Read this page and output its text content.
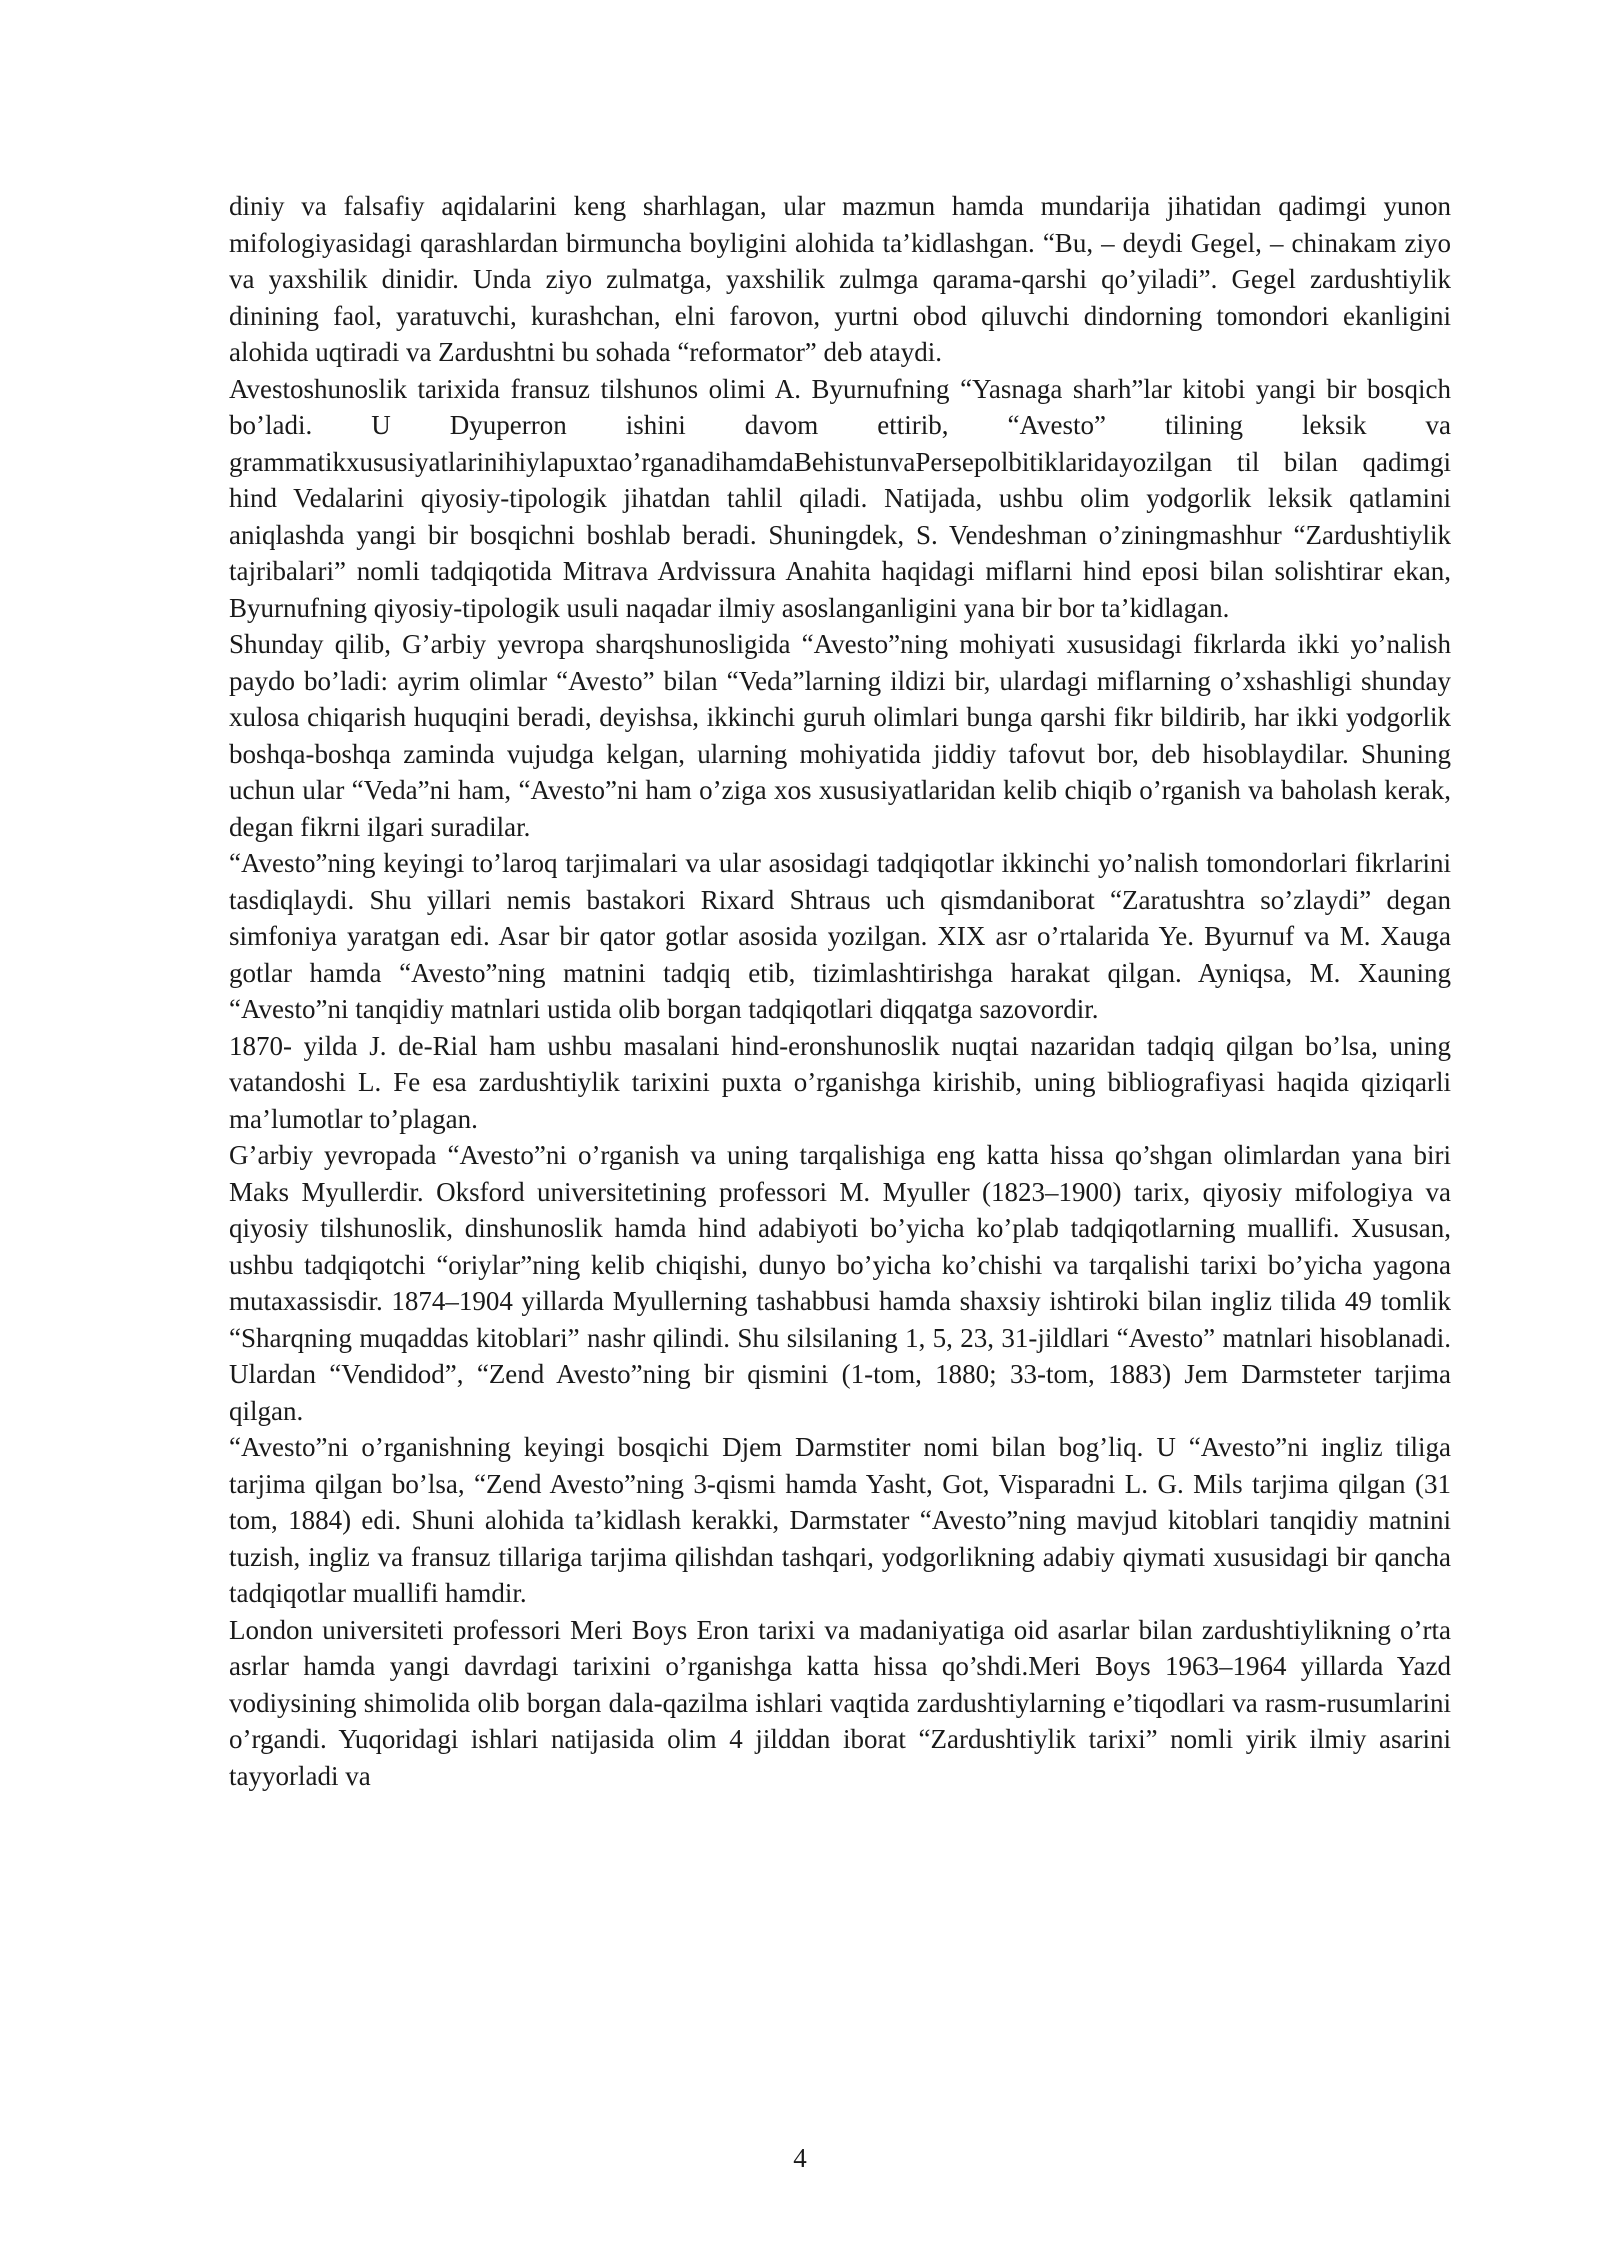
diniy va falsafiy aqidalarini keng sharhlagan, ular mazmun hamda mundarija jihatidan qadimgi yunon mifologiyasidagi qarashlardan birmuncha boyligini alohida ta’kidlashgan. “Bu, – deydi Gegel, – chinakam ziyo va yaxshilik dinidir. Unda ziyo zulmatga, yaxshilik zulmga qarama-qarshi qo’yiladi”. Gegel zardushtiylik dinining faol, yaratuvchi, kurashchan, elni farovon, yurtni obod qiluvchi dindorning tomondori ekanligini alohida uqtiradi va Zardushtni bu sohada “reformator” deb ataydi.

Avestoshunoslik tarixida fransuz tilshunos olimi A. Byurnufning “Yasnaga sharh”lar kitobi yangi bir bosqich bo’ladi. U Dyuperron ishini davom ettirib, “Avesto” tilining leksik va grammatikxususiyatlarinihiylapuxtao’rganadihamdaBehistunvaPersepolbitiklaridayozilgan til bilan qadimgi hind Vedalarini qiyosiy-tipologik jihatdan tahlil qiladi. Natijada, ushbu olim yodgorlik leksik qatlamini aniqlashda yangi bir bosqichni boshlab beradi. Shuningdek, S. Vendeshman o’ziningmashhur “Zardushtiylik tajribalari” nomli tadqiqotida Mitrava Ardvissura Anahita haqidagi miflarni hind eposi bilan solishtirar ekan, Byurnufning qiyosiy-tipologik usuli naqadar ilmiy asoslanganligini yana bir bor ta’kidlagan.

Shunday qilib, G’arbiy yevropa sharqshunosligida “Avesto”ning mohiyati xususidagi fikrlarda ikki yo’nalish paydo bo’ladi: ayrim olimlar “Avesto” bilan “Veda”larning ildizi bir, ulardagi miflarning o’xshashligi shunday xulosa chiqarish huquqini beradi, deyishsa, ikkinchi guruh olimlari bunga qarshi fikr bildirib, har ikki yodgorlik boshqa-boshqa zaminda vujudga kelgan, ularning mohiyatida jiddiy tafovut bor, deb hisoblaydilar. Shuning uchun ular “Veda”ni ham, “Avesto”ni ham o’ziga xos xususiyatlaridan kelib chiqib o’rganish va baholash kerak, degan fikrni ilgari suradilar.

“Avesto”ning keyingi to’laroq tarjimalari va ular asosidagi tadqiqotlar ikkinchi yo’nalish tomondorlari fikrlarini tasdiqlaydi. Shu yillari nemis bastakori Rixard Shtraus uch qismdaniborat “Zaratushtra so’zlaydi” degan simfoniya yaratgan edi. Asar bir qator gotlar asosida yozilgan. XIX asr o’rtalarida Ye. Byurnuf va M. Xauga gotlar hamda “Avesto”ning matnini tadqiq etib, tizimlashtirishga harakat qilgan. Ayniqsa, M. Xauning “Avesto”ni tanqidiy matnlari ustida olib borgan tadqiqotlari diqqatga sazovordir.

1870- yilda J. de-Rial ham ushbu masalani hind-eronshunoslik nuqtai nazaridan tadqiq qilgan bo’lsa, uning vatandoshi L. Fe esa zardushtiylik tarixini puxta o’rganishga kirishib, uning bibliografiyasi haqida qiziqarli ma’lumotlar to’plagan.

G’arbiy yevropada “Avesto”ni o’rganish va uning tarqalishiga eng katta hissa qo’shgan olimlardan yana biri Maks Myullerdir. Oksford universitetining professori M. Myuller (1823–1900) tarix, qiyosiy mifologiya va qiyosiy tilshunoslik, dinshunoslik hamda hind adabiyoti bo’yicha ko’plab tadqiqotlarning muallifi. Xususan, ushbu tadqiqotchi “oriylar”ning kelib chiqishi, dunyo bo’yicha ko’chishi va tarqalishi tarixi bo’yicha yagona mutaxassisdir. 1874–1904 yillarda Myullerning tashabbusi hamda shaxsiy ishtiroki bilan ingliz tilida 49 tomlik “Sharqning muqaddas kitoblari” nashr qilindi. Shu silsilaning 1, 5, 23, 31-jildlari “Avesto” matnlari hisoblanadi. Ulardan “Vendidod”, “Zend Avesto”ning bir qismini (1-tom, 1880; 33-tom, 1883) Jem Darmsteter tarjima qilgan.

“Avesto”ni o’rganishning keyingi bosqichi Djem Darmstiter nomi bilan bog’liq. U “Avesto”ni ingliz tiliga tarjima qilgan bo’lsa, “Zend Avesto”ning 3-qismi hamda Yasht, Got, Visparadni L. G. Mils tarjima qilgan (31 tom, 1884) edi. Shuni alohida ta’kidlash kerakki, Darmstater “Avesto”ning mavjud kitoblari tanqidiy matnini tuzish, ingliz va fransuz tillariga tarjima qilishdan tashqari, yodgorlikning adabiy qiymati xususidagi bir qancha tadqiqotlar muallifi hamdir.

London universiteti professori Meri Boys Eron tarixi va madaniyatiga oid asarlar bilan zardushtiylikning o’rta asrlar hamda yangi davrdagi tarixini o’rganishga katta hissa qo’shdi.Meri Boys 1963–1964 yillarda Yazd vodiysining shimolida olib borgan dala-qazilma ishlari vaqtida zardushtiylarning e’tiqodlari va rasm-rusumlarini o’rgandi. Yuqoridagi ishlari natijasida olim 4 jilddan iborat “Zardushtiylik tarixi” nomli yirik ilmiy asarini tayyorladi va

4
